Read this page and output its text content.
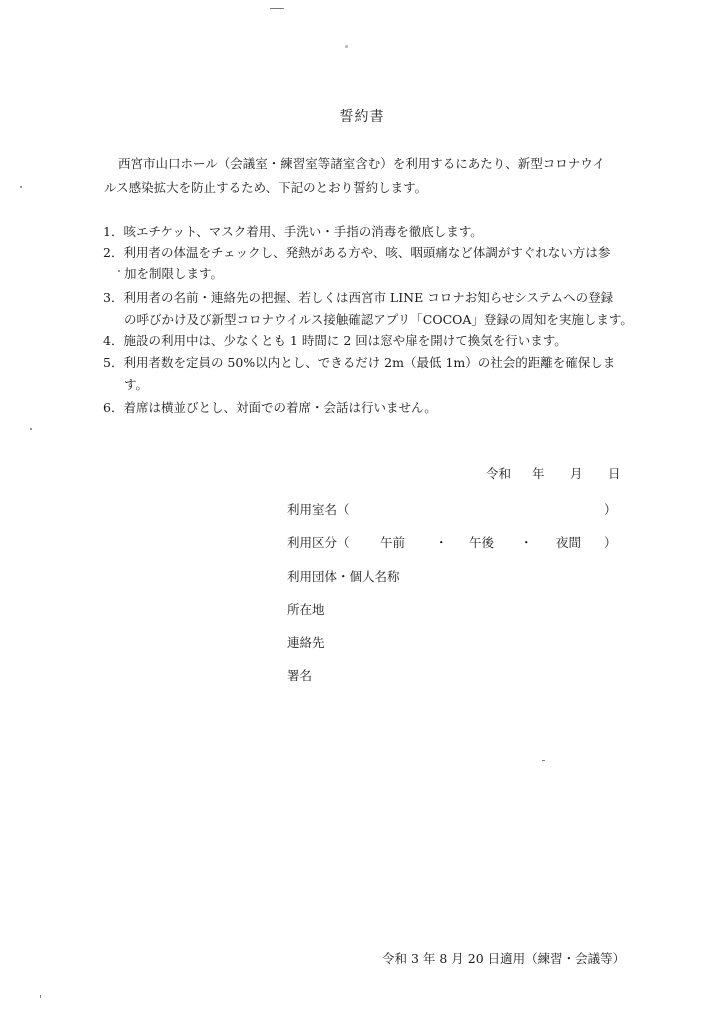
誓約書

西宮市山口ホール（会議室・練習室等諸室含む）を利用するにあたり、新型コロナウイ
ルス感染拡大を防止するため、下記のとおり誓約します。

1．咳エチケット、マスク着用、手洗い・手指の消毒を徹底します。
2．利用者の体温をチェックし、発熱がある方や、咳、咽頭痛など体調がすぐれない方は参
加を制限します。
3．利用者の名前・連絡先の把握、若しくは西宮市 LINE コロナお知らせシステムへの登録
の呼びかけ及び新型コロナウイルス接触確認アプリ「COCOA」登録の周知を実施します。
4．施設の利用中は、少なくとも 1 時間に 2 回は窓や扉を開けて換気を行います。
5．利用者数を定員の 50%以内とし、できるだけ 2m（最低 1m）の社会的距離を確保しま
す。
6．着席は横並びとし、対面での着席・会話は行いません。
令和 年 月 日
利用室名（	）
利用区分（ 午前 ・ 午後 ・ 夜間 ）
利用団体・個人名称
所在地
連絡先
署名
令和 3 年 8 月 20 日適用（練習・会議等）
